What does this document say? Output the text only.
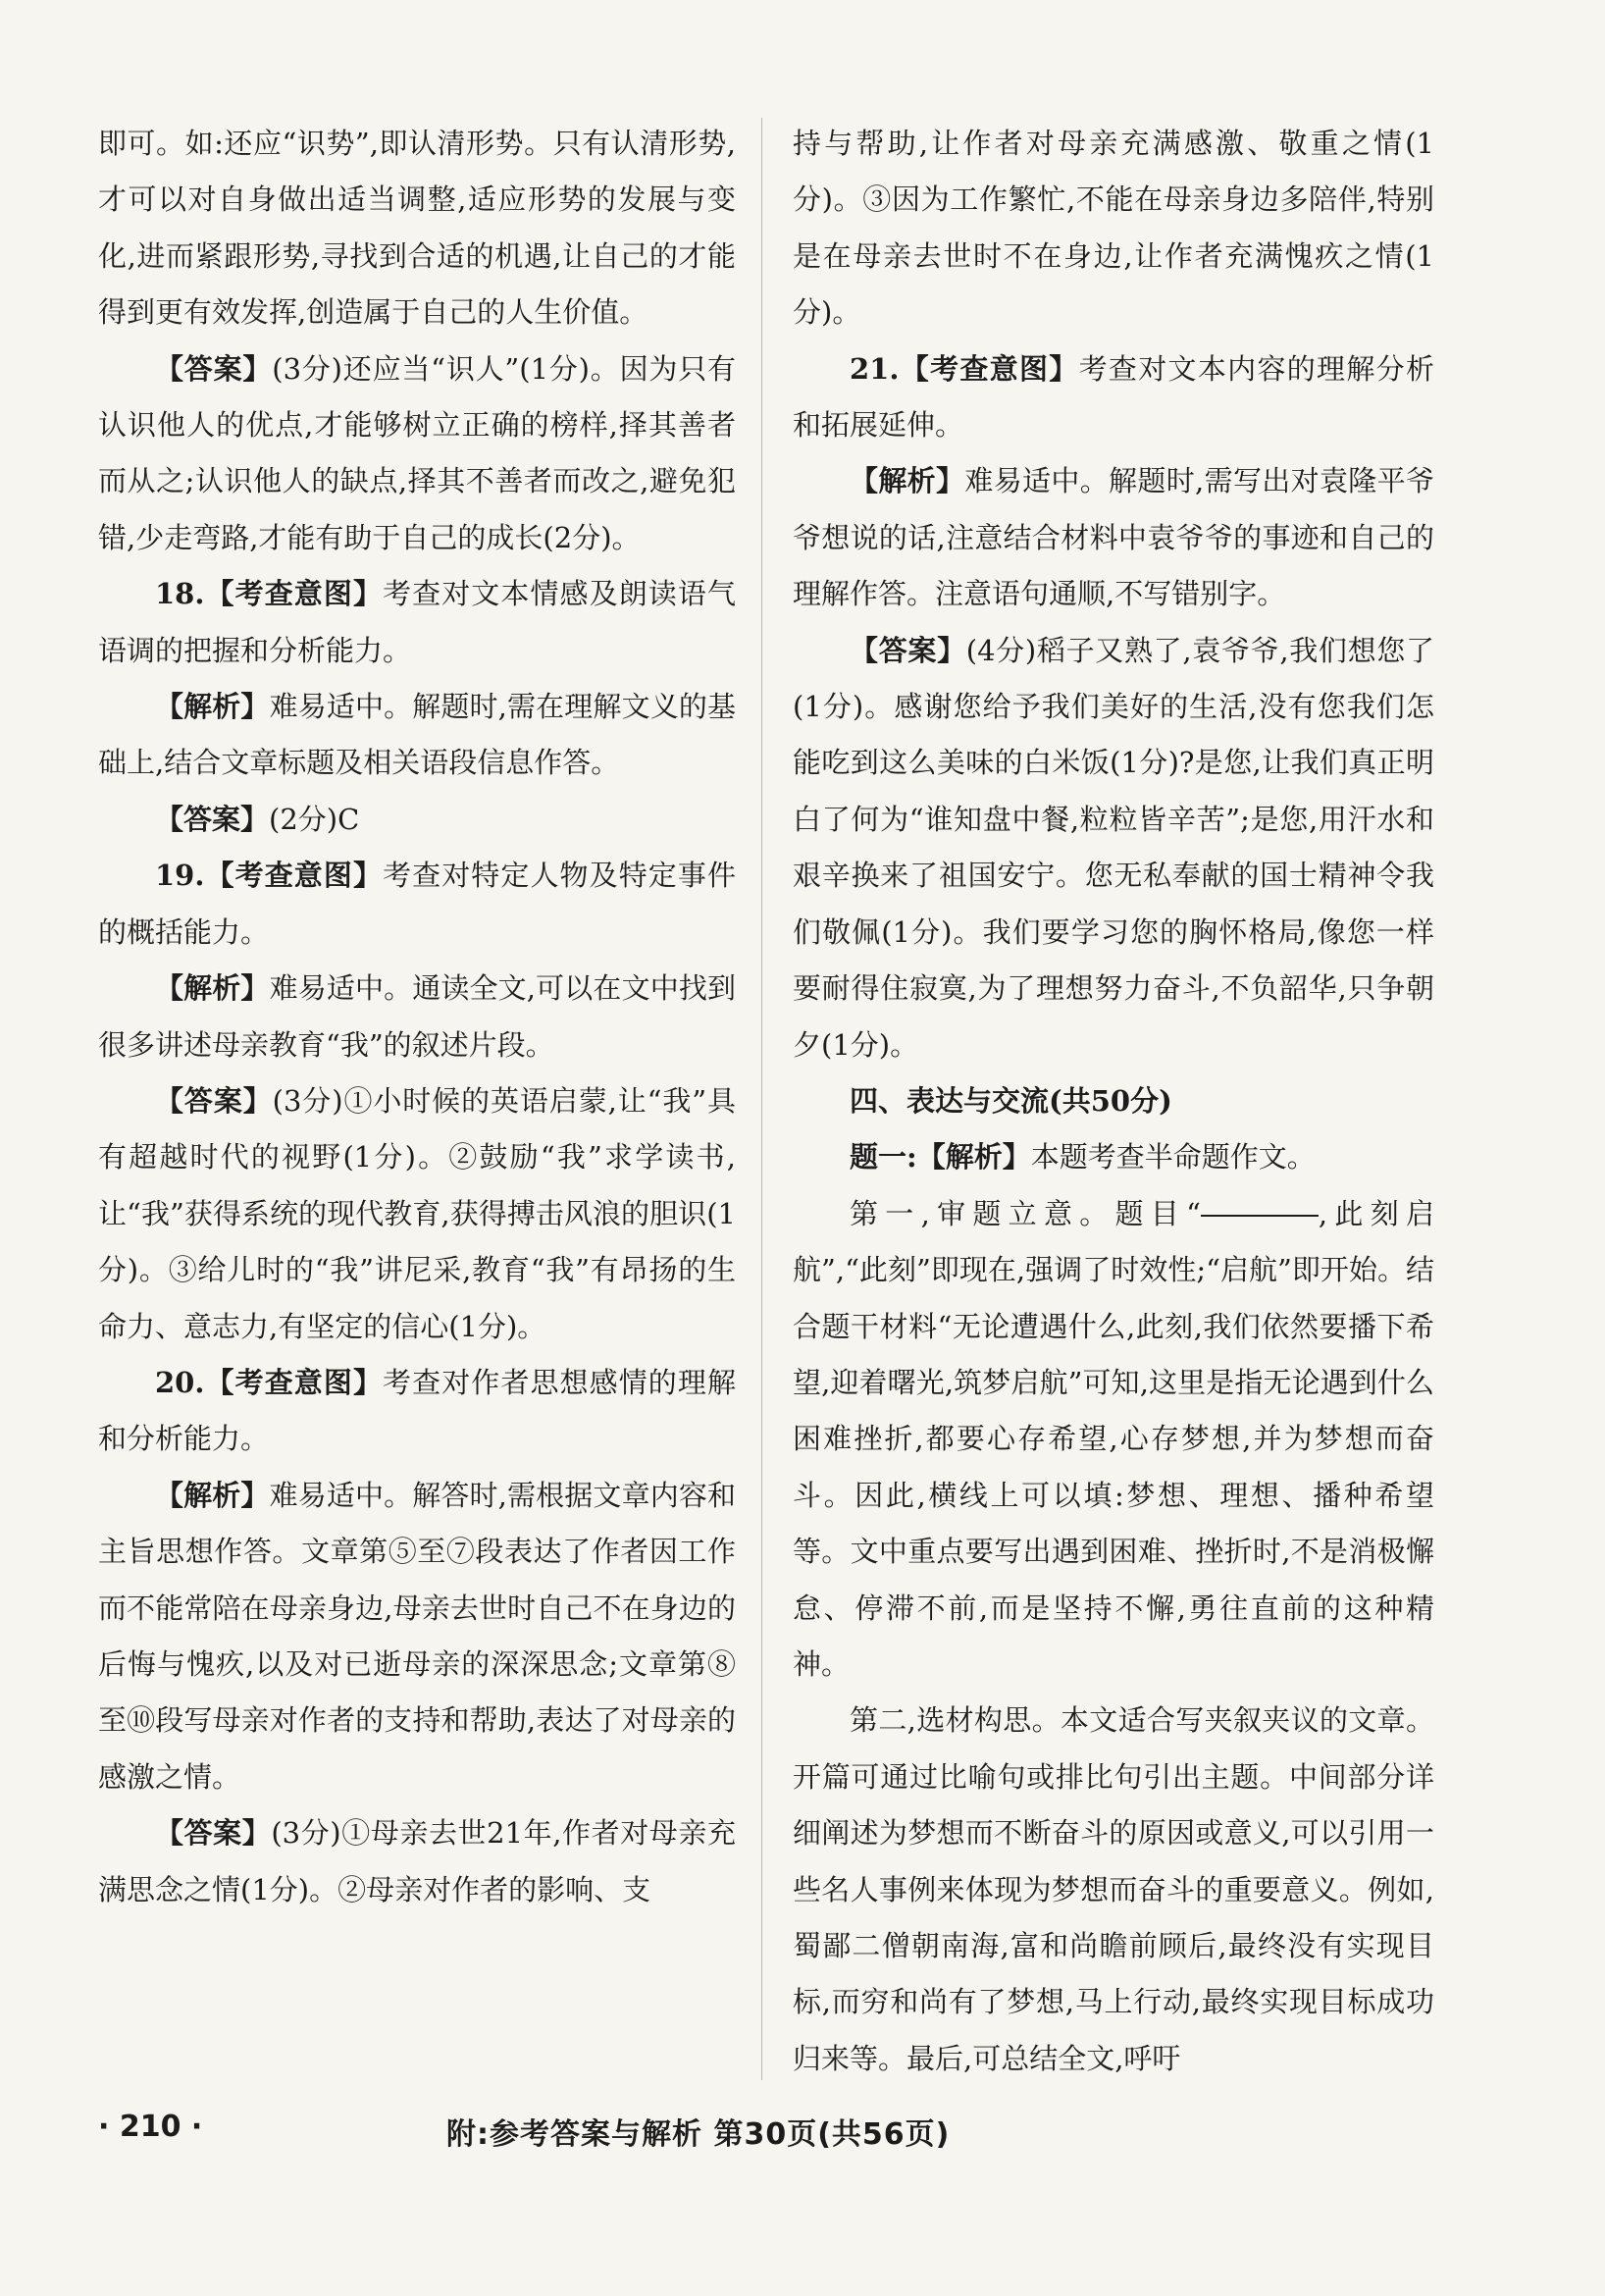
即可。如:还应“识势”,即认清形势。只有认清形势,才可以对自身做出适当调整,适应形势的发展与变化,进而紧跟形势,寻找到合适的机遇,让自己的才能得到更有效发挥,创造属于自己的人生价值。

【答案】(3分)还应当“识人”(1分)。因为只有认识他人的优点,才能够树立正确的榜样,择其善者而从之;认识他人的缺点,择其不善者而改之,避免犯错,少走弯路,才能有助于自己的成长(2分)。

18.【考查意图】考查对文本情感及朗读语气语调的把握和分析能力。

【解析】难易适中。解题时,需在理解文义的基础上,结合文章标题及相关语段信息作答。

【答案】(2分)C

19.【考查意图】考查对特定人物及特定事件的概括能力。

【解析】难易适中。通读全文,可以在文中找到很多讲述母亲教育“我”的叙述片段。

【答案】(3分)①小时候的英语启蒙,让“我”具有超越时代的视野(1分)。②鼓励“我”求学读书,让“我”获得系统的现代教育,获得搏击风浪的胆识(1分)。③给儿时的“我”讲尼采,教育“我”有昂扬的生命力、意志力,有坚定的信心(1分)。

20.【考查意图】考查对作者思想感情的理解和分析能力。

【解析】难易适中。解答时,需根据文章内容和主旨思想作答。文章第⑤至⑦段表达了作者因工作而不能常陪在母亲身边,母亲去世时自己不在身边的后悔与愧疚,以及对已逝母亲的深深思念;文章第⑧至⑩段写母亲对作者的支持和帮助,表达了对母亲的感激之情。

【答案】(3分)①母亲去世21年,作者对母亲充满思念之情(1分)。②母亲对作者的影响、支

持与帮助,让作者对母亲充满感激、敬重之情(1分)。③因为工作繁忙,不能在母亲身边多陪伴,特别是在母亲去世时不在身边,让作者充满愧疚之情(1分)。

21.【考查意图】考查对文本内容的理解分析和拓展延伸。

【解析】难易适中。解题时,需写出对袁隆平爷爷想说的话,注意结合材料中袁爷爷的事迹和自己的理解作答。注意语句通顺,不写错别字。

【答案】(4分)稻子又熟了,袁爷爷,我们想您了(1分)。感谢您给予我们美好的生活,没有您我们怎能吃到这么美味的白米饭(1分)?是您,让我们真正明白了何为“谁知盘中餐,粒粒皆辛苦”;是您,用汗水和艰辛换来了祖国安宁。您无私奉献的国士精神令我们敬佩(1分)。我们要学习您的胸怀格局,像您一样要耐得住寂寞,为了理想努力奋斗,不负韶华,只争朝夕(1分)。

四、表达与交流(共50分)

题一:【解析】本题考查半命题作文。

第一,审题立意。题目“	,此刻启航”,“此刻”即现在,强调了时效性;“启航”即开始。结合题干材料“无论遭遇什么,此刻,我们依然要播下希望,迎着曙光,筑梦启航”可知,这里是指无论遇到什么困难挫折,都要心存希望,心存梦想,并为梦想而奋斗。因此,横线上可以填:梦想、理想、播种希望等。文中重点要写出遇到困难、挫折时,不是消极懈怠、停滞不前,而是坚持不懈,勇往直前的这种精神。

第二,选材构思。本文适合写夹叙夹议的文章。开篇可通过比喻句或排比句引出主题。中间部分详细阐述为梦想而不断奋斗的原因或意义,可以引用一些名人事例来体现为梦想而奋斗的重要意义。例如,蜀鄙二僧朝南海,富和尚瞻前顾后,最终没有实现目标,而穷和尚有了梦想,马上行动,最终实现目标成功归来等。最后,可总结全文,呼吁

· 210 ·	附:参考答案与解析 第30页(共56页)
